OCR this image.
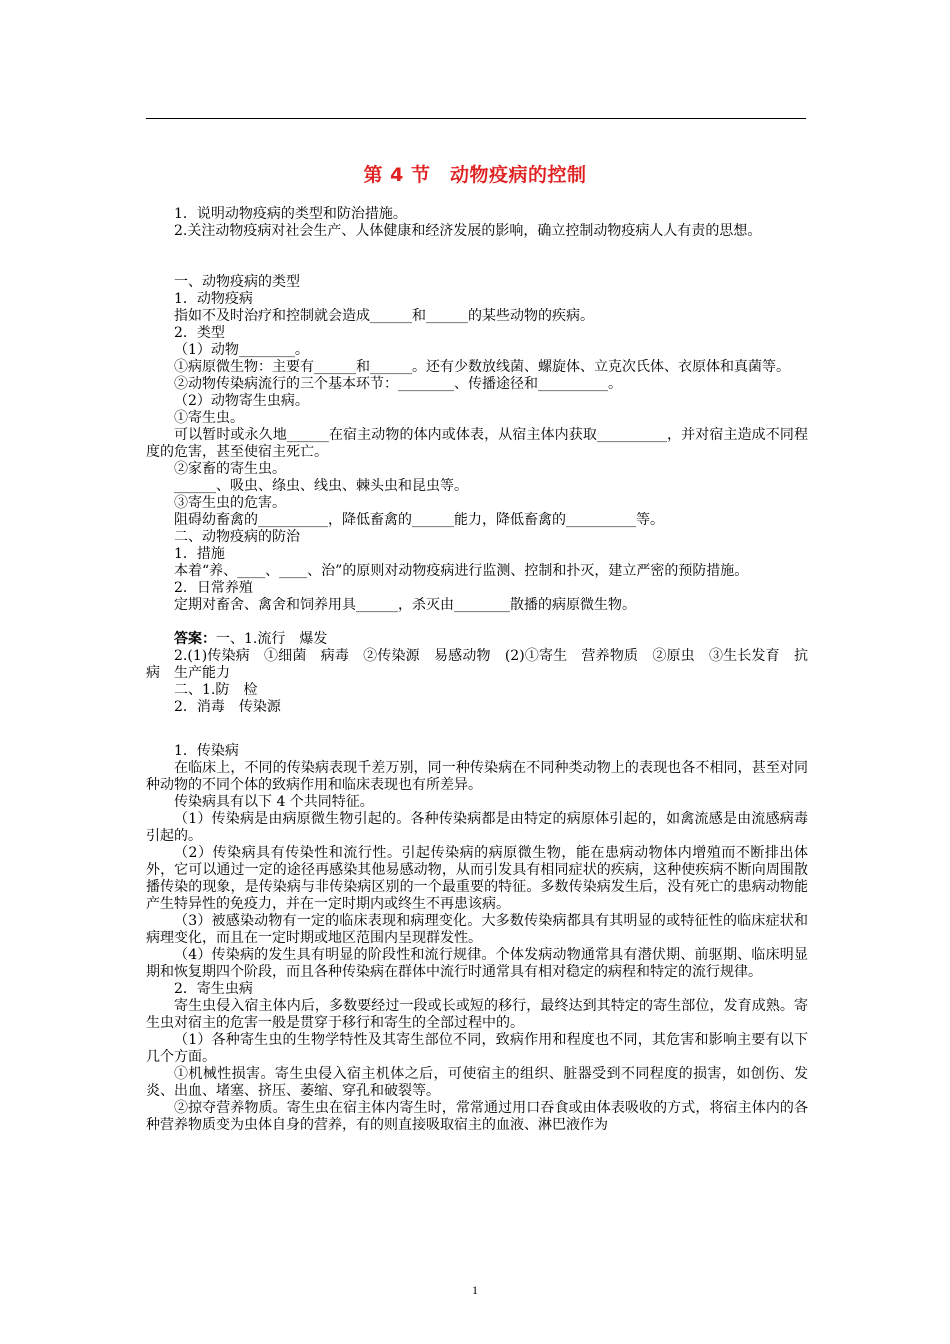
第 4 节　动物疫病的控制

1．说明动物疫病的类型和防治措施。

2.关注动物疫病对社会生产、人体健康和经济发展的影响，确立控制动物疫病人人有责的思想。

一、动物疫病的类型

1．动物疫病

指如不及时治疗和控制就会造成______和______的某些动物的疾病。

2．类型

（1）动物________。

①病原微生物：主要有______和______。还有少数放线菌、螺旋体、立克次氏体、衣原体和真菌等。

②动物传染病流行的三个基本环节：________、传播途径和__________。

（2）动物寄生虫病。

①寄生虫。

可以暂时或永久地______在宿主动物的体内或体表，从宿主体内获取__________，并对宿主造成不同程度的危害，甚至使宿主死亡。

②家畜的寄生虫。

______、吸虫、绦虫、线虫、棘头虫和昆虫等。

③寄生虫的危害。

阻碍幼畜禽的__________，降低畜禽的______能力，降低畜禽的__________等。

二、动物疫病的防治

1．措施

本着“养、____、____、治”的原则对动物疫病进行监测、控制和扑灭，建立严密的预防措施。

2．日常养殖

定期对畜舍、禽舍和饲养用具______，杀灭由________散播的病原微生物。

答案：一、1.流行　爆发

2.(1)传染病　①细菌　病毒　②传染源　易感动物　(2)①寄生　营养物质　②原虫　③生长发育　抗病　生产能力

二、1.防　检

2．消毒　传染源

1．传染病

在临床上，不同的传染病表现千差万别，同一种传染病在不同种类动物上的表现也各不相同，甚至对同种动物的不同个体的致病作用和临床表现也有所差异。

传染病具有以下 4 个共同特征。

（1）传染病是由病原微生物引起的。各种传染病都是由特定的病原体引起的，如禽流感是由流感病毒引起的。

（2）传染病具有传染性和流行性。引起传染病的病原微生物，能在患病动物体内增殖而不断排出体外，它可以通过一定的途径再感染其他易感动物，从而引发具有相同症状的疾病，这种使疾病不断向周围散播传染的现象，是传染病与非传染病区别的一个最重要的特征。多数传染病发生后，没有死亡的患病动物能产生特异性的免疫力，并在一定时期内或终生不再患该病。

（3）被感染动物有一定的临床表现和病理变化。大多数传染病都具有其明显的或特征性的临床症状和病理变化，而且在一定时期或地区范围内呈现群发性。

（4）传染病的发生具有明显的阶段性和流行规律。个体发病动物通常具有潜伏期、前驱期、临床明显期和恢复期四个阶段，而且各种传染病在群体中流行时通常具有相对稳定的病程和特定的流行规律。

2．寄生虫病

寄生虫侵入宿主体内后，多数要经过一段或长或短的移行，最终达到其特定的寄生部位，发育成熟。寄生虫对宿主的危害一般是贯穿于移行和寄生的全部过程中的。

（1）各种寄生虫的生物学特性及其寄生部位不同，致病作用和程度也不同，其危害和影响主要有以下几个方面。

①机械性损害。寄生虫侵入宿主机体之后，可使宿主的组织、脏器受到不同程度的损害，如创伤、发炎、出血、堵塞、挤压、萎缩、穿孔和破裂等。

②掠夺营养物质。寄生虫在宿主体内寄生时，常常通过用口吞食或由体表吸收的方式，将宿主体内的各种营养物质变为虫体自身的营养，有的则直接吸取宿主的血液、淋巴液作为

1
